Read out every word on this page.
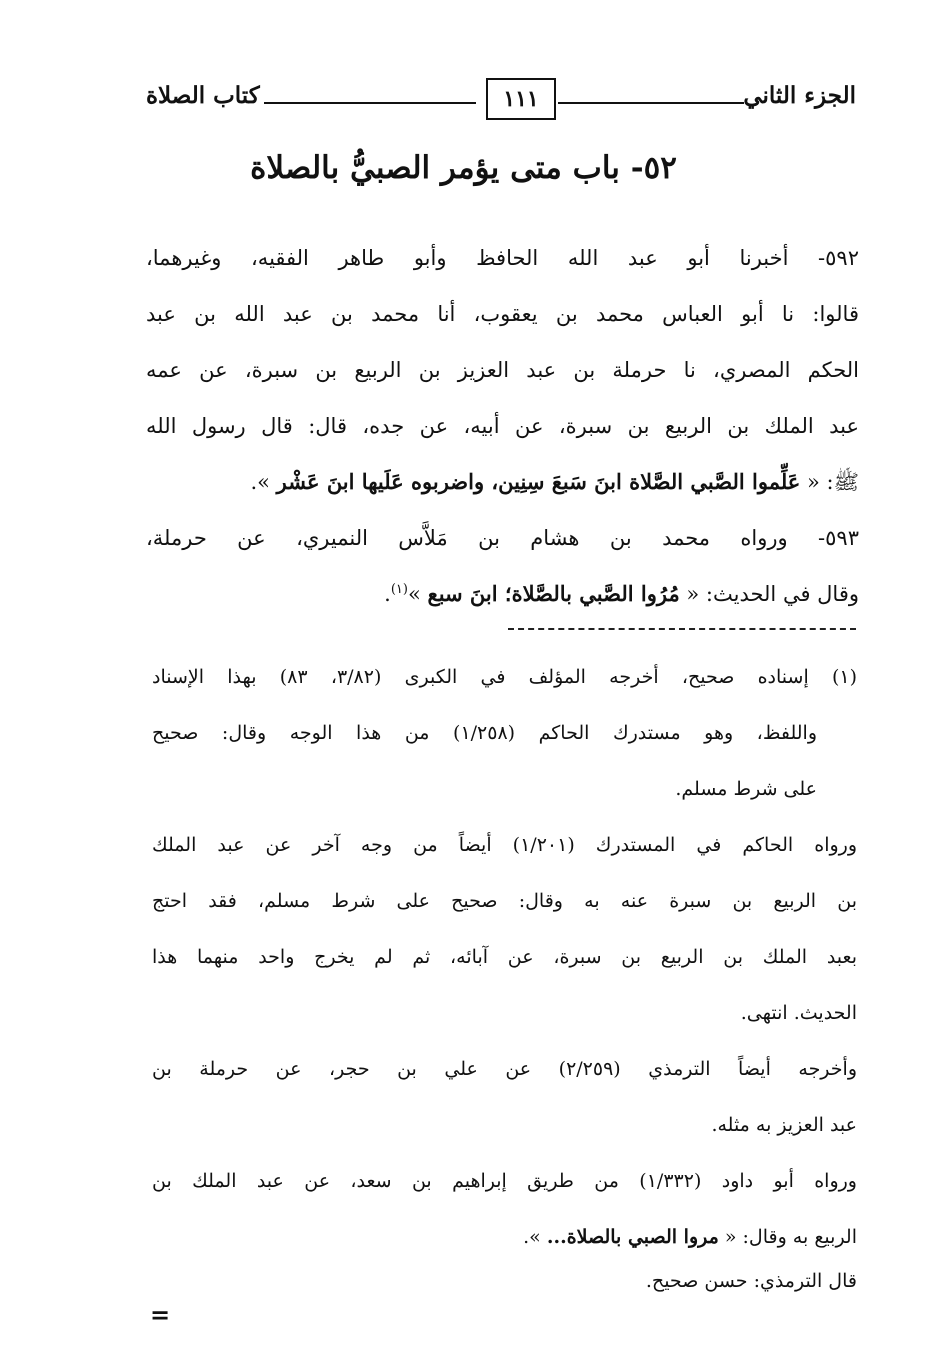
الجزء الثاني
١١١
كتاب الصلاة
٥٢- باب متى يؤمر الصبيُّ بالصلاة
٥٩٢- أخبرنا أبو عبد الله الحافظ وأبو طاهر الفقيه، وغيرهما،
قالوا: نا أبو العباس محمد بن يعقوب، أنا محمد بن عبد الله بن عبد
الحكم المصري، نا حرملة بن عبد العزيز بن الربيع بن سبرة، عن عمه
عبد الملك بن الربيع بن سبرة، عن أبيه، عن جده، قال: قال رسول الله
ﷺ: « عَلِّموا الصَّبي الصَّلاة ابنَ سَبعَ سِنِين، واضربوه عَلَيها ابنَ عَشْر ».
٥٩٣- ورواه محمد بن هشام بن مَلاَّس النميري، عن حرملة،
وقال في الحديث: « مُرُوا الصَّبي بالصَّلاة؛ ابنَ سبع »$^{(١)}$.
(١) إسناده صحيح، أخرجه المؤلف في الكبرى (٣/٨٢، ٨٣) بهذا الإسناد
واللفظ، وهو مستدرك الحاكم (١/٢٥٨) من هذا الوجه وقال: صحيح
على شرط مسلم.
ورواه الحاكم في المستدرك (١/٢٠١) أيضاً من وجه آخر عن عبد الملك
بن الربيع بن سبرة عنه به وقال: صحيح على شرط مسلم، فقد احتج
بعبد الملك بن الربيع بن سبرة، عن آبائه، ثم لم يخرج واحد منهما هذا
الحديث. انتهى.
وأخرجه أيضاً الترمذي (٢/٢٥٩) عن علي بن حجر، عن حرملة بن
عبد العزيز به مثله.
ورواه أبو داود (١/٣٣٢) من طريق إبراهيم بن سعد، عن عبد الملك بن
الربيع به وقال: « مروا الصبي بالصلاة... ».
قال الترمذي: حسن صحيح.
=
